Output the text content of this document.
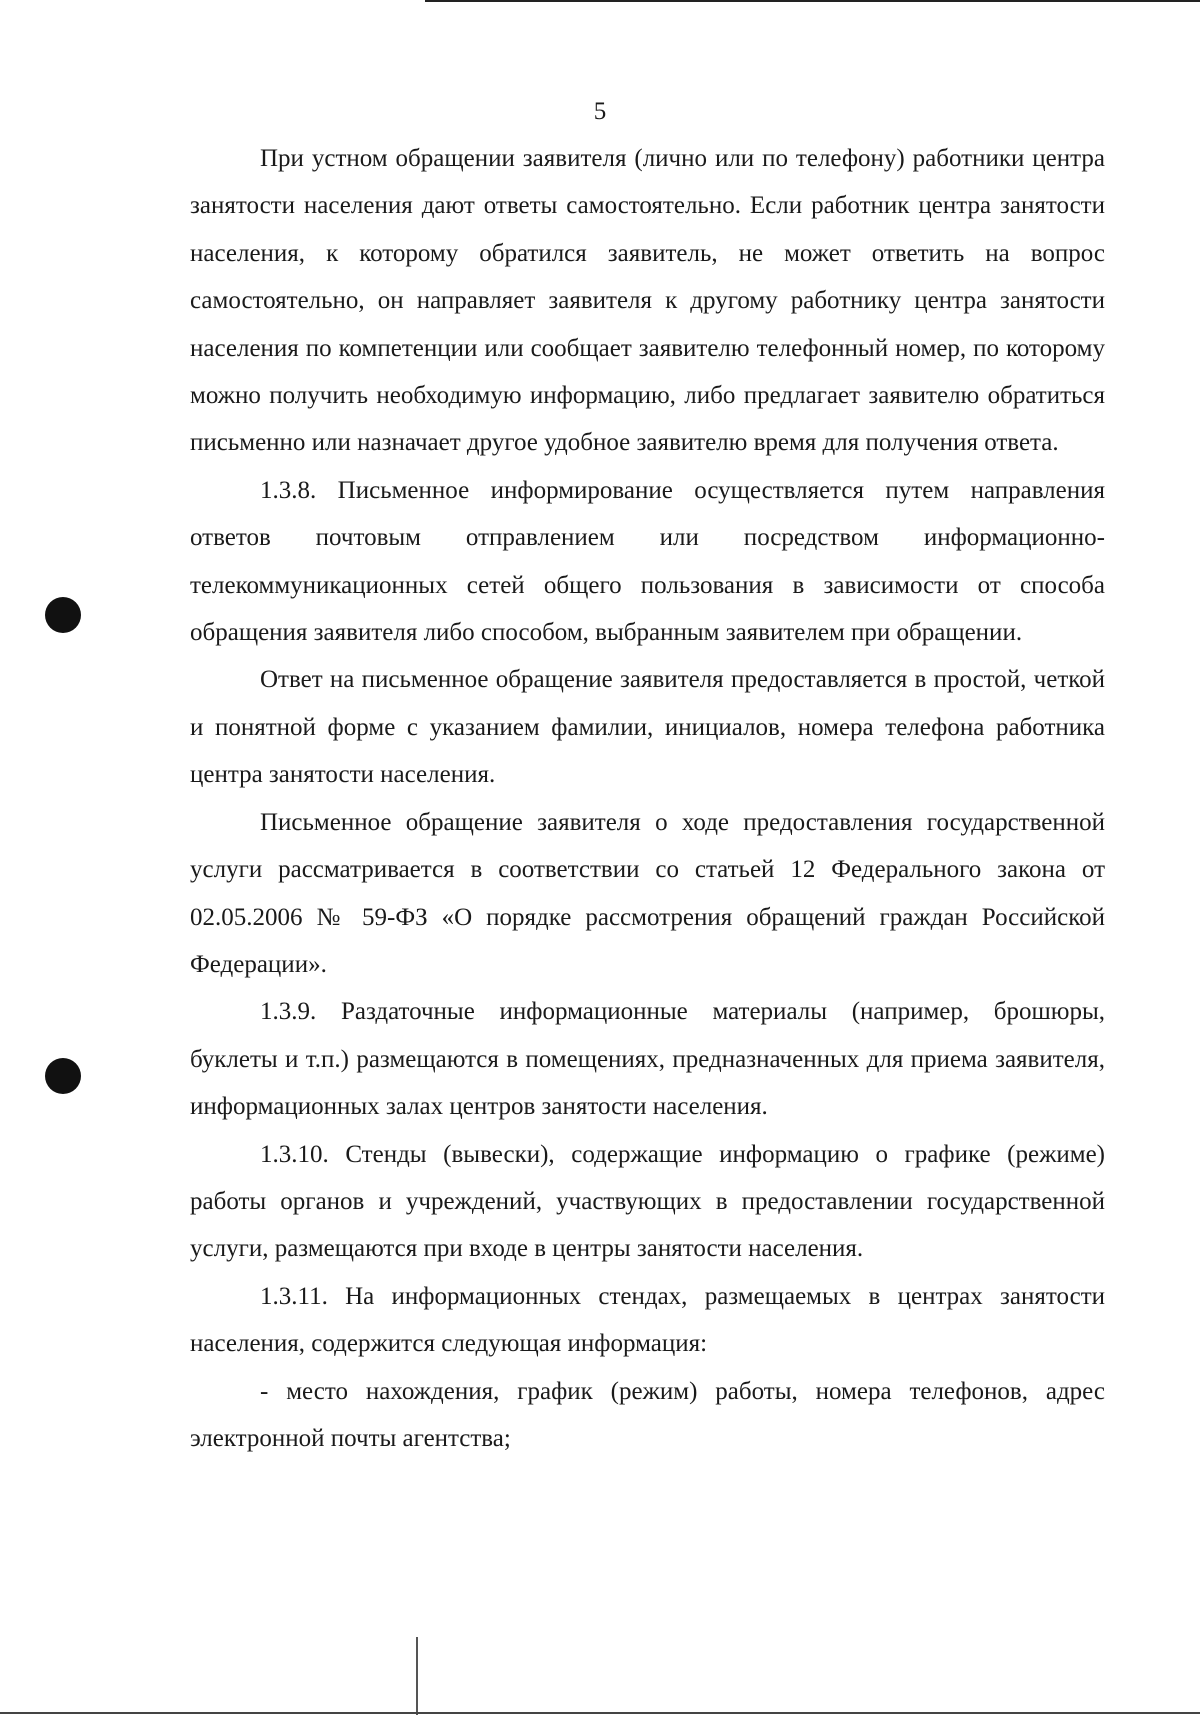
5

При устном обращении заявителя (лично или по телефону) работники центра занятости населения дают ответы самостоятельно. Если работник центра занятости населения, к которому обратился заявитель, не может ответить на вопрос самостоятельно, он направляет заявителя к другому работнику центра занятости населения по компетенции или сообщает заявителю телефонный номер, по которому можно получить необходимую информацию, либо предлагает заявителю обратиться письменно или назначает другое удобное заявителю время для получения ответа.

1.3.8. Письменное информирование осуществляется путем направления ответов почтовым отправлением или посредством информационно-телекоммуникационных сетей общего пользования в зависимости от способа обращения заявителя либо способом, выбранным заявителем при обращении.

Ответ на письменное обращение заявителя предоставляется в простой, четкой и понятной форме с указанием фамилии, инициалов, номера телефона работника центра занятости населения.

Письменное обращение заявителя о ходе предоставления государственной услуги рассматривается в соответствии со статьей 12 Федерального закона от 02.05.2006 № 59-ФЗ «О порядке рассмотрения обращений граждан Российской Федерации».

1.3.9. Раздаточные информационные материалы (например, брошюры, буклеты и т.п.) размещаются в помещениях, предназначенных для приема заявителя, информационных залах центров занятости населения.

1.3.10. Стенды (вывески), содержащие информацию о графике (режиме) работы органов и учреждений, участвующих в предоставлении государственной услуги, размещаются при входе в центры занятости населения.

1.3.11. На информационных стендах, размещаемых в центрах занятости населения, содержится следующая информация:

- место нахождения, график (режим) работы, номера телефонов, адрес электронной почты агентства;
